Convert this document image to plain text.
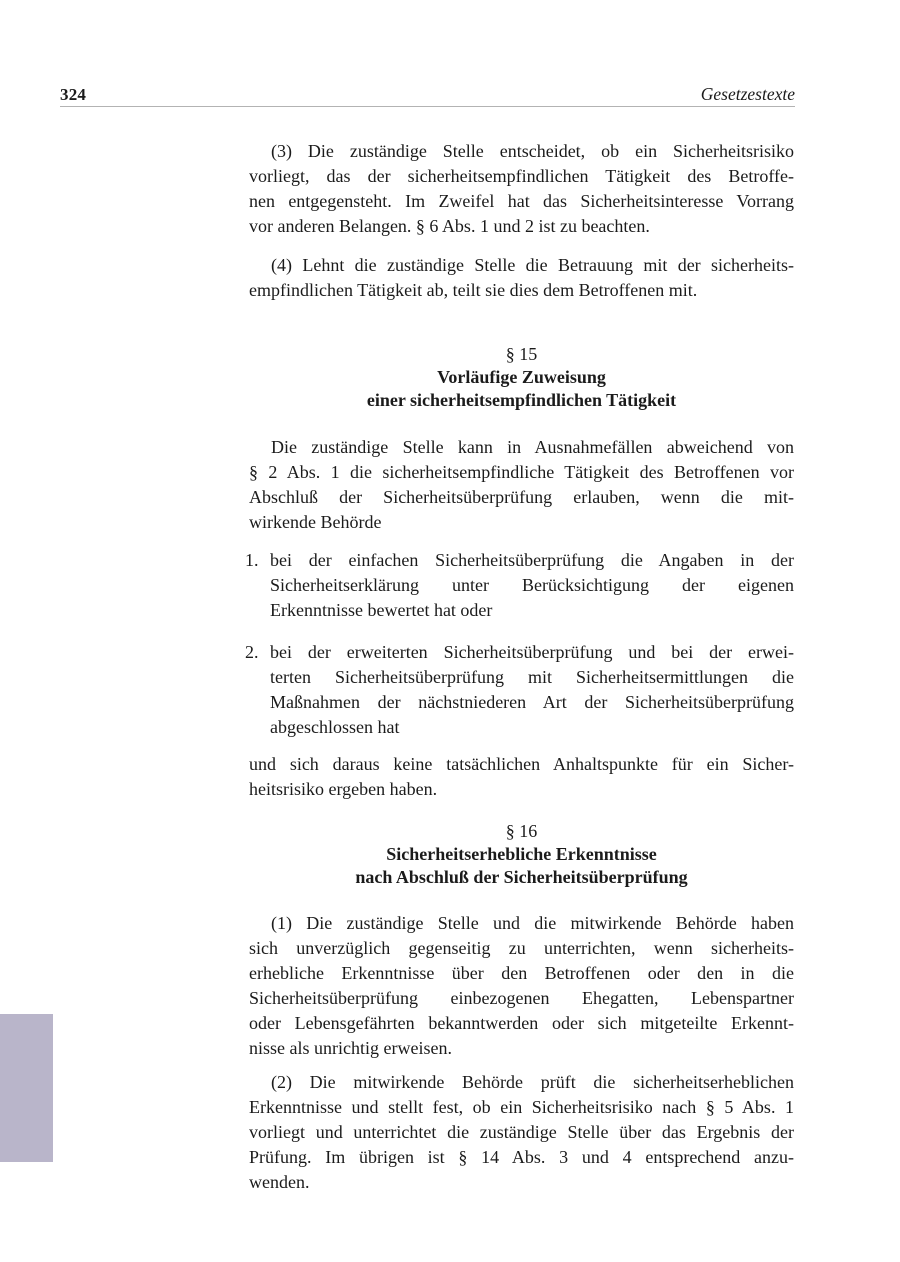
324	Gesetzestexte
(3) Die zuständige Stelle entscheidet, ob ein Sicherheitsrisiko
vorliegt, das der sicherheitsempfindlichen Tätigkeit des Betroffe-
nen entgegensteht. Im Zweifel hat das Sicherheitsinteresse Vorrang
vor anderen Belangen. § 6 Abs. 1 und 2 ist zu beachten.
(4) Lehnt die zuständige Stelle die Betrauung mit der sicherheits-
empfindlichen Tätigkeit ab, teilt sie dies dem Betroffenen mit.
§ 15
Vorläufige Zuweisung
einer sicherheitsempfindlichen Tätigkeit
Die zuständige Stelle kann in Ausnahmefällen abweichend von
§ 2 Abs. 1 die sicherheitsempfindliche Tätigkeit des Betroffenen vor
Abschluß der Sicherheitsüberprüfung erlauben, wenn die mit-
wirkende Behörde
1. bei der einfachen Sicherheitsüberprüfung die Angaben in der
Sicherheitserklärung unter Berücksichtigung der eigenen
Erkenntnisse bewertet hat oder
2. bei der erweiterten Sicherheitsüberprüfung und bei der erwei-
terten Sicherheitsüberprüfung mit Sicherheitsermittlungen die
Maßnahmen der nächstniederen Art der Sicherheitsüberprüfung
abgeschlossen hat
und sich daraus keine tatsächlichen Anhaltspunkte für ein Sicher-
heitsrisiko ergeben haben.
§ 16
Sicherheitserhebliche Erkenntnisse
nach Abschluß der Sicherheitsüberprüfung
(1) Die zuständige Stelle und die mitwirkende Behörde haben
sich unverzüglich gegenseitig zu unterrichten, wenn sicherheits-
erhebliche Erkenntnisse über den Betroffenen oder den in die
Sicherheitsüberprüfung einbezogenen Ehegatten, Lebenspartner
oder Lebensgefährten bekanntwerden oder sich mitgeteilte Erkennt-
nisse als unrichtig erweisen.
(2) Die mitwirkende Behörde prüft die sicherheitserheblichen
Erkenntnisse und stellt fest, ob ein Sicherheitsrisiko nach § 5 Abs. 1
vorliegt und unterrichtet die zuständige Stelle über das Ergebnis der
Prüfung. Im übrigen ist § 14 Abs. 3 und 4 entsprechend anzu-
wenden.
